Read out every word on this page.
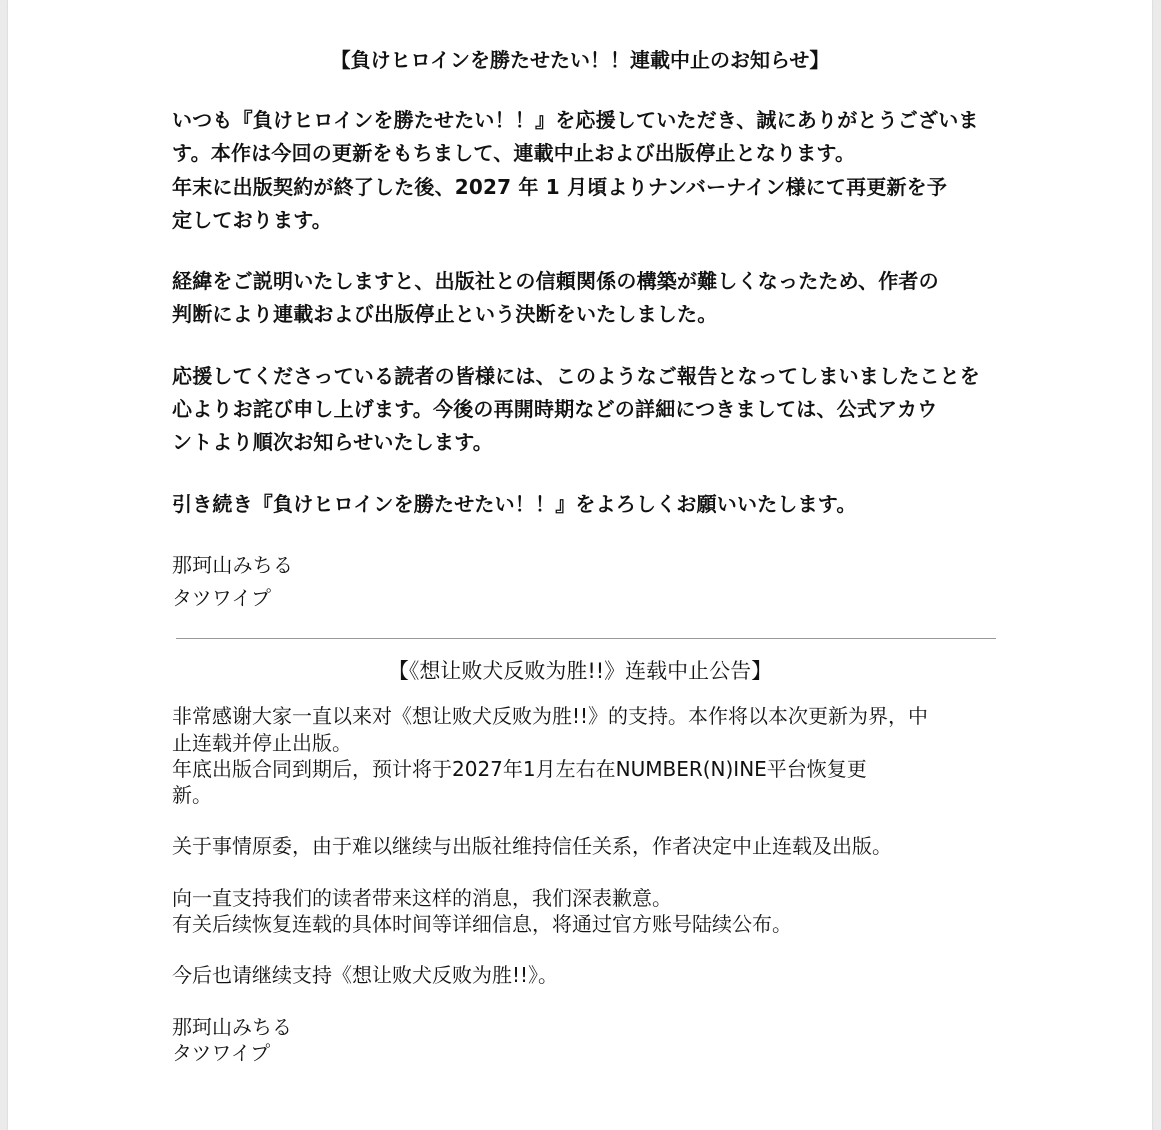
【負けヒロインを勝たせたい！！連載中止のお知らせ】
いつも『負けヒロインを勝たせたい！！』を応援していただき、誠にありがとうございま
す。本作は今回の更新をもちまして、連載中止および出版停止となります。
年末に出版契約が終了した後、2027 年 1 月頃よりナンバーナイン様にて再更新を予
定しております。
経緯をご説明いたしますと、出版社との信頼関係の構築が難しくなったため、作者の
判断により連載および出版停止という決断をいたしました。
応援してくださっている読者の皆様には、このようなご報告となってしまいましたことを
心よりお詫び申し上げます。今後の再開時期などの詳細につきましては、公式アカウ
ントより順次お知らせいたします。
引き続き『負けヒロインを勝たせたい！！』をよろしくお願いいたします。
那珂山みちる
タツワイプ
【《想让败犬反败为胜!!》连载中止公告】
非常感谢大家一直以来对《想让败犬反败为胜!!》的支持。本作将以本次更新为界，中
止连载并停止出版。
年底出版合同到期后，预计将于2027年1月左右在NUMBER(N)INE平台恢复更
新。
关于事情原委，由于难以继续与出版社维持信任关系，作者决定中止连载及出版。
向一直支持我们的读者带来这样的消息，我们深表歉意。
有关后续恢复连载的具体时间等详细信息，将通过官方账号陆续公布。
今后也请继续支持《想让败犬反败为胜!!》。
那珂山みちる
タツワイプ
